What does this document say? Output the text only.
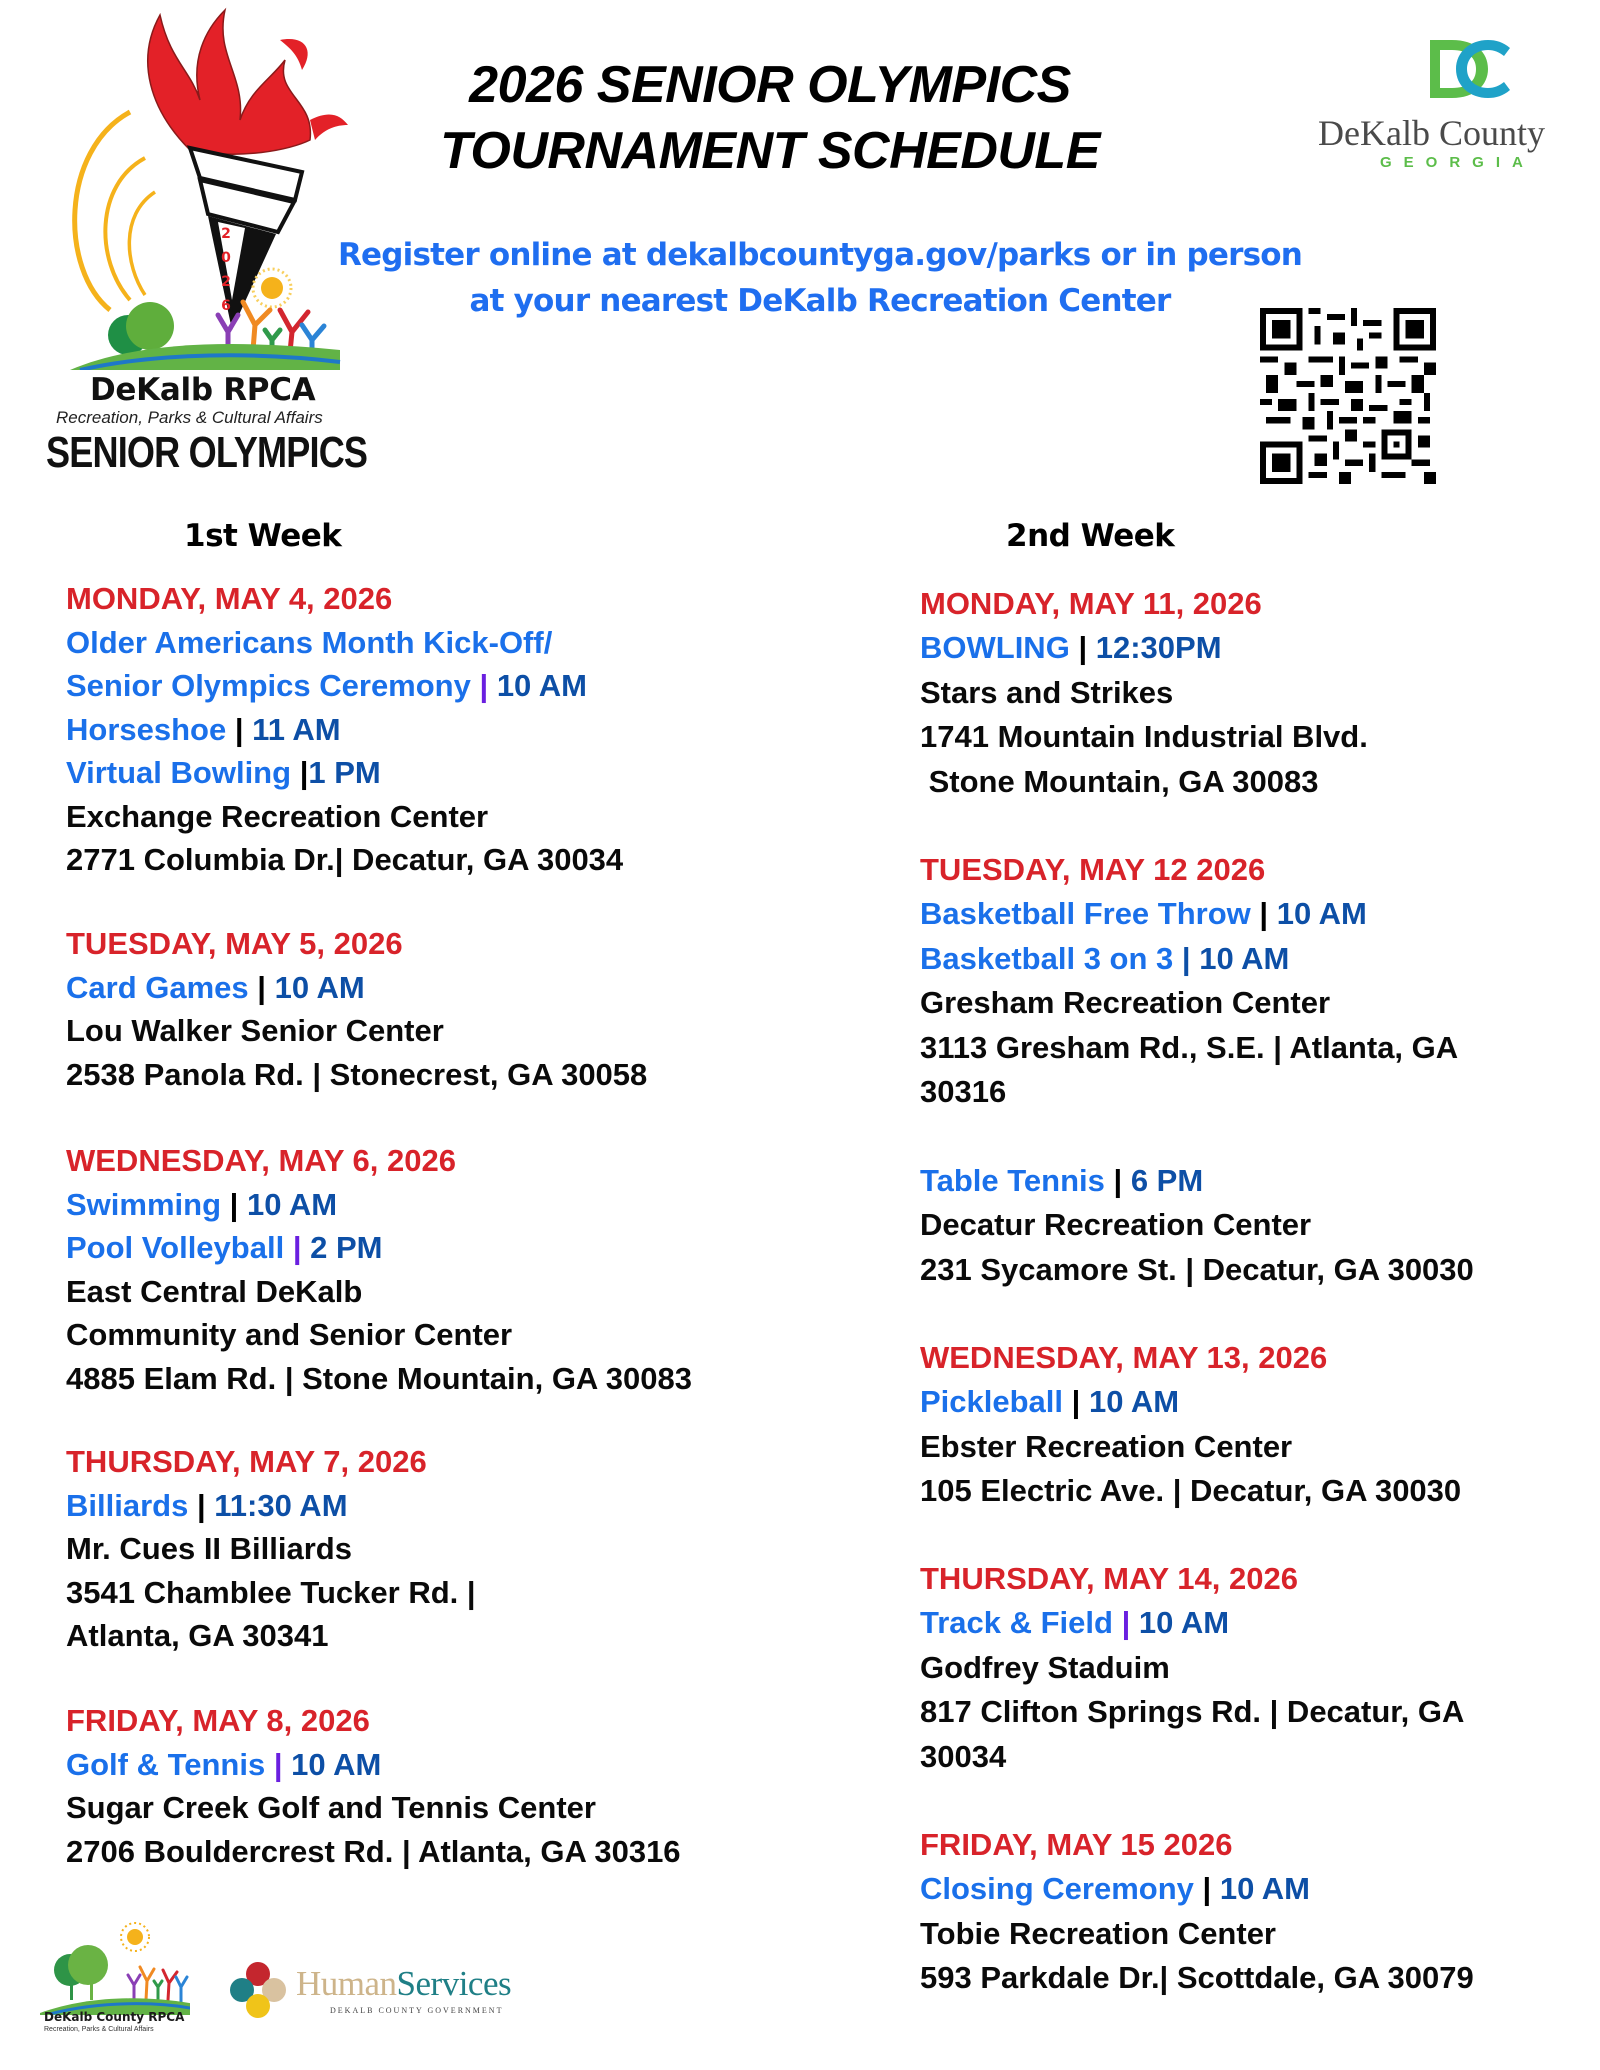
2
0
2
6
DeKalb RPCA
Recreation, Parks & Cultural Affairs
SENIOR OLYMPICS
2026 SENIOR OLYMPICS
TOURNAMENT SCHEDULE	DeKalb County
GEORGIA
Register online at dekalbcountyga.gov/parks or in person
at your nearest DeKalb Recreation Center
1st Week	2nd Week
MONDAY, MAY 4, 2026
Older Americans Month Kick-Off/
Senior Olympics Ceremony | 10 AM
Horseshoe | 11 AM
Virtual Bowling |1 PM
Exchange Recreation Center
2771 Columbia Dr.| Decatur, GA 30034
TUESDAY, MAY 5, 2026
Card Games | 10 AM
Lou Walker Senior Center
2538 Panola Rd. | Stonecrest, GA 30058
WEDNESDAY, MAY 6, 2026
Swimming | 10 AM
Pool Volleyball | 2 PM
East Central DeKalb
Community and Senior Center
4885 Elam Rd. | Stone Mountain, GA 30083
THURSDAY, MAY 7, 2026
Billiards | 11:30 AM
Mr. Cues II Billiards
3541 Chamblee Tucker Rd. |
Atlanta, GA 30341
FRIDAY, MAY 8, 2026
Golf & Tennis | 10 AM
Sugar Creek Golf and Tennis Center
2706 Bouldercrest Rd. | Atlanta, GA 30316
MONDAY, MAY 11, 2026
BOWLING | 12:30PM
Stars and Strikes
1741 Mountain Industrial Blvd.
Stone Mountain, GA 30083
TUESDAY, MAY 12 2026
Basketball Free Throw | 10 AM
Basketball 3 on 3 | 10 AM
Gresham Recreation Center
3113 Gresham Rd., S.E. | Atlanta, GA
30316
Table Tennis | 6 PM
Decatur Recreation Center
231 Sycamore St. | Decatur, GA 30030
WEDNESDAY, MAY 13, 2026
Pickleball | 10 AM
Ebster Recreation Center
105 Electric Ave. | Decatur, GA 30030
THURSDAY, MAY 14, 2026
Track & Field | 10 AM
Godfrey Staduim
817 Clifton Springs Rd. | Decatur, GA
30034
FRIDAY, MAY 15 2026
Closing Ceremony | 10 AM
Tobie Recreation Center
593 Parkdale Dr.| Scottdale, GA 30079
DeKalb County RPCA
Recreation, Parks & Cultural Affairs
HumanServices
DEKALB COUNTY GOVERNMENT
